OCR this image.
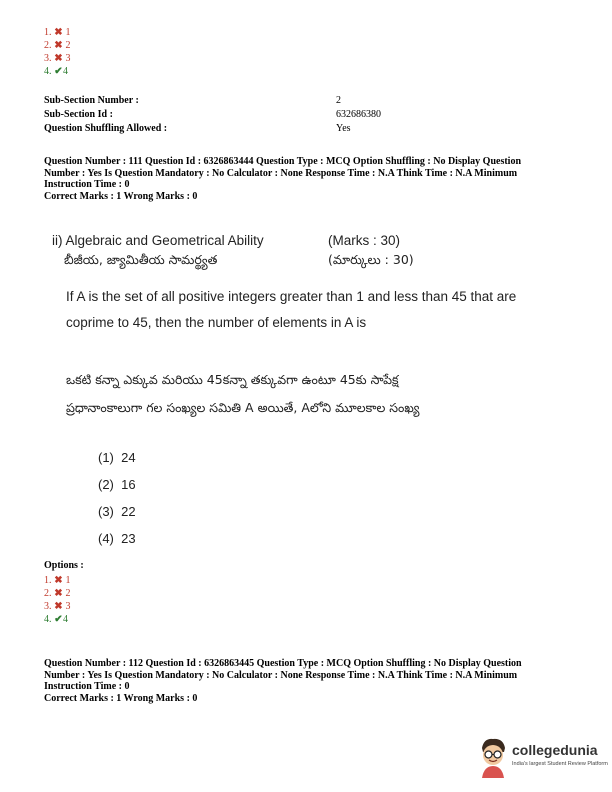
1. ✖ 1
2. ✖ 2
3. ✖ 3
4. ✔4
Sub-Section Number :	2
Sub-Section Id :	632686380
Question Shuffling Allowed :	Yes
Question Number : 111 Question Id : 6326863444 Question Type : MCQ Option Shuffling : No Display Question
Number : Yes Is Question Mandatory : No Calculator : None Response Time : N.A Think Time : N.A Minimum
Instruction Time : 0
Correct Marks : 1 Wrong Marks : 0
ii) Algebraic and Geometrical Ability	(Marks : 30)
బీజీయ, జ్యామితీయ సామర్థ్యత	(మార్కులు : 30)
If A is the set of all positive integers greater than 1 and less than 45 that are
coprime to 45, then the number of elements in A is
ఒకటి కన్నా ఎక్కువ మరియు 45కన్నా తక్కువగా ఉంటూ 45కు సాపేక్ష
ప్రధానాంకాలుగా గల సంఖ్యల సమితి A అయితే, Aలోని మూలకాల సంఖ్య
(1) 24
(2) 16
(3) 22
(4) 23
Options :
1. ✖ 1
2. ✖ 2
3. ✖ 3
4. ✔4
Question Number : 112 Question Id : 6326863445 Question Type : MCQ Option Shuffling : No Display Question
Number : Yes Is Question Mandatory : No Calculator : None Response Time : N.A Think Time : N.A Minimum
Instruction Time : 0
Correct Marks : 1 Wrong Marks : 0
collegedunia
India's largest Student Review Platform
